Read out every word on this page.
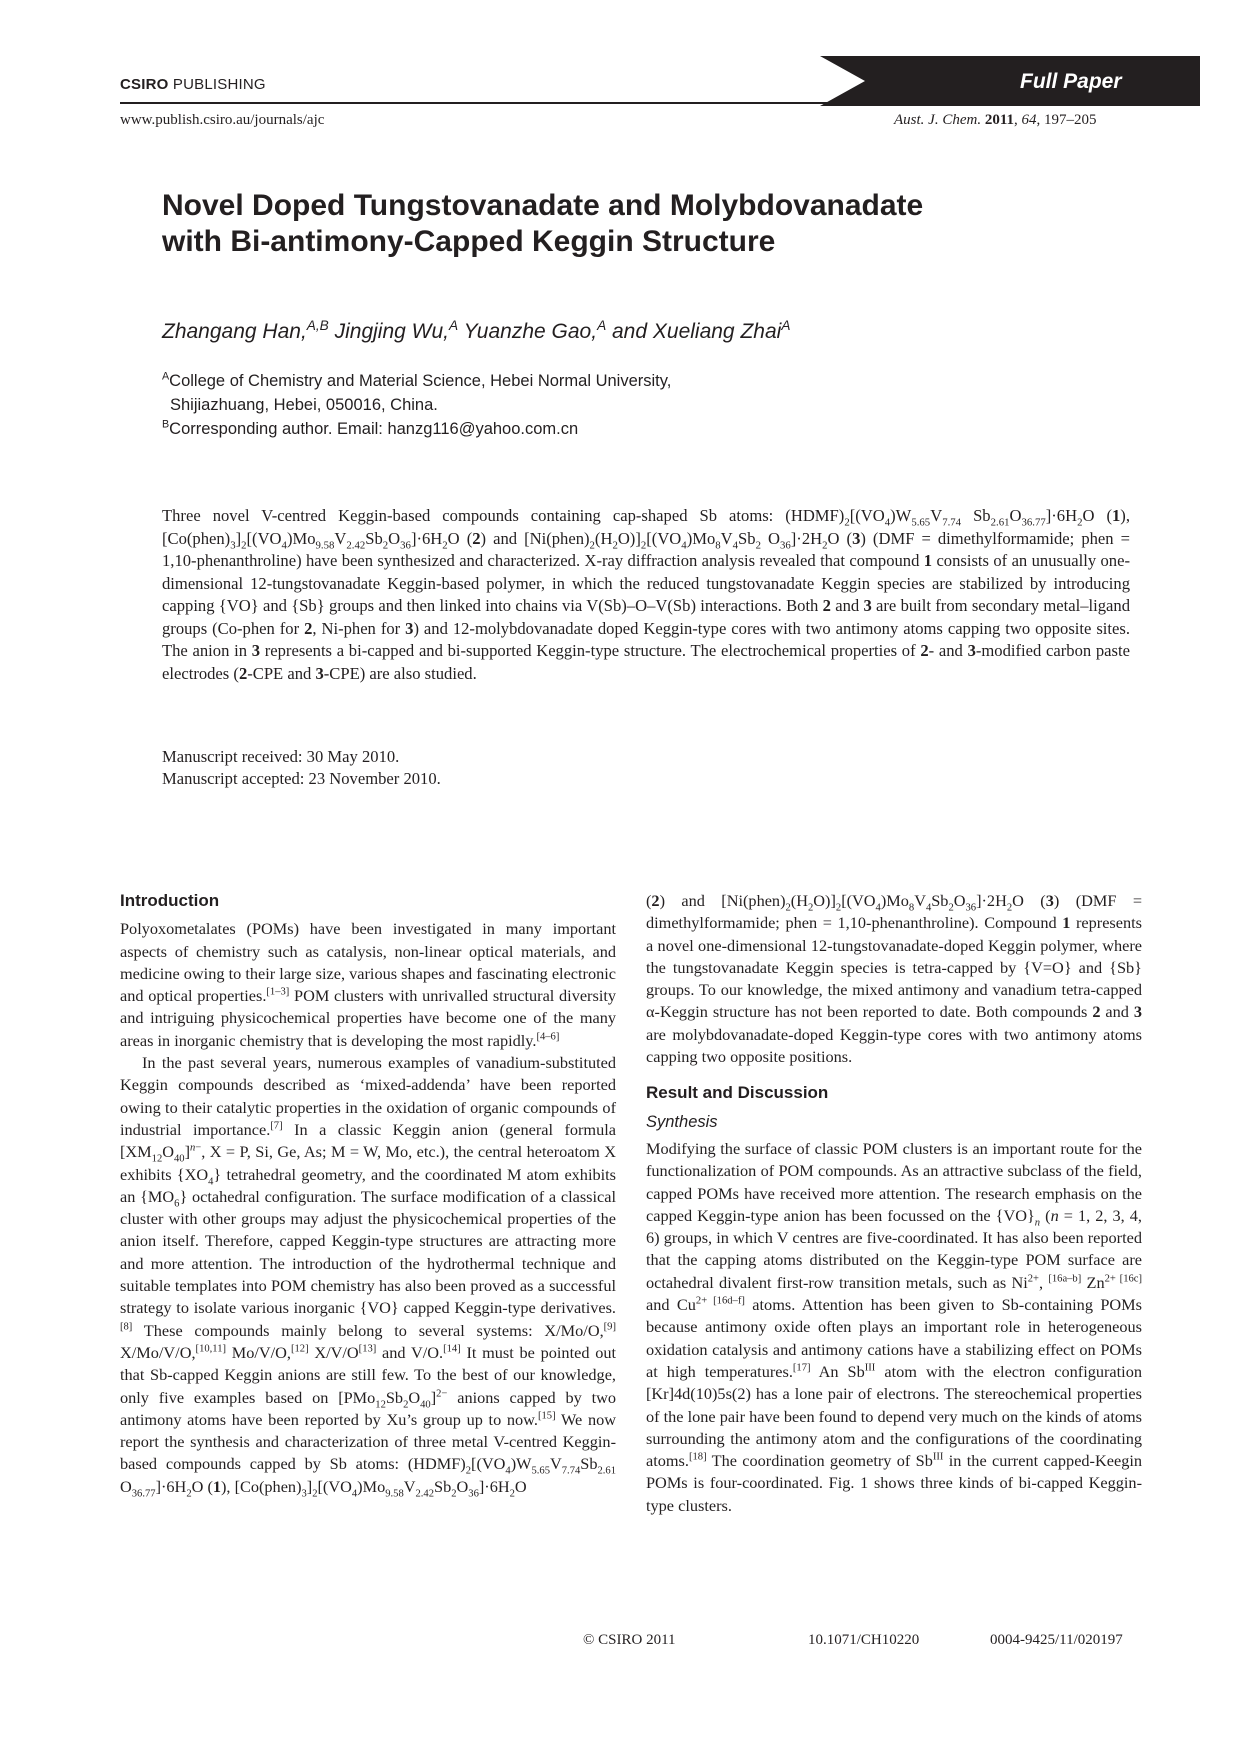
CSIRO PUBLISHING	Full Paper
www.publish.csiro.au/journals/ajc	Aust. J. Chem. 2011, 64, 197–205
Novel Doped Tungstovanadate and Molybdovanadate
with Bi-antimony-Capped Keggin Structure
Zhangang Han,$^{A,B}$ Jingjing Wu,$^A$ Yuanzhe Gao,$^A$ and Xueliang Zhai$^A$
$^A$College of Chemistry and Material Science, Hebei Normal University,
Shijiazhuang, Hebei, 050016, China.
$^B$Corresponding author. Email: hanzg116@yahoo.com.cn
Three novel V-centred Keggin-based compounds containing cap-shaped Sb atoms: $(HDMF)_2[(VO_4)W_{5.65}V_{7.74}$ $Sb_{2.61}O_{36.77}]\cdot 6H_2O$ (1), $[Co(phen)_3]_2[(VO_4)Mo_{9.58}V_{2.42}Sb_2O_{36}]\cdot 6H_2O$ (2) and $[Ni(phen)_2(H_2O)]_2[(VO_4)Mo_8V_4Sb_2$ $O_{36}]\cdot 2H_2O$ (3) (DMF = dimethylformamide; phen = 1,10-phenanthroline) have been synthesized and characterized. X-ray diffraction analysis revealed that compound 1 consists of an unusually one-dimensional 12-tungstovanadate Keggin-based polymer, in which the reduced tungstovanadate Keggin species are stabilized by introducing capping {VO} and {Sb} groups and then linked into chains via V(Sb)–O–V(Sb) interactions. Both 2 and 3 are built from secondary metal–ligand groups (Co-phen for 2, Ni-phen for 3) and 12-molybdovanadate doped Keggin-type cores with two antimony atoms capping two opposite sites. The anion in 3 represents a bi-capped and bi-supported Keggin-type structure. The electrochemical properties of 2- and 3-modified carbon paste electrodes (2-CPE and 3-CPE) are also studied.
Manuscript received: 30 May 2010.
Manuscript accepted: 23 November 2010.
Introduction

Polyoxometalates (POMs) have been investigated in many important aspects of chemistry such as catalysis, non-linear optical materials, and medicine owing to their large size, various shapes and fascinating electronic and optical properties.[1–3] POM clusters with unrivalled structural diversity and intriguing physicochemical properties have become one of the many areas in inorganic chemistry that is developing the most rapidly.[4–6]

In the past several years, numerous examples of vanadium-substituted Keggin compounds described as ‘mixed-addenda’ have been reported owing to their catalytic properties in the oxidation of organic compounds of industrial importance.[7] In a classic Keggin anion (general formula $[XM_{12}O_{40}]^{n-}$, X = P, Si, Ge, As; M = W, Mo, etc.), the central heteroatom X exhibits $\{XO_4\}$ tetrahedral geometry, and the coordinated M atom exhibits an $\{MO_6\}$ octahedral configuration. The surface modification of a classical cluster with other groups may adjust the physicochemical properties of the anion itself. Therefore, capped Keggin-type structures are attracting more and more attention. The introduction of the hydrothermal technique and suitable templates into POM chemistry has also been proved as a successful strategy to isolate various inorganic {VO} capped Keggin-type derivatives.[8] These compounds mainly belong to several systems: X/Mo/O,[9] X/Mo/V/O,[10,11] Mo/V/O,[12] X/V/O[13] and V/O.[14] It must be pointed out that Sb-capped Keggin anions are still few. To the best of our knowledge, only five examples based on $[PMo_{12}Sb_2O_{40}]^{2-}$ anions capped by two antimony atoms have been reported by Xu’s group up to now.[15] We now report the synthesis and characterization of three metal V-centred Keggin-based compounds capped by Sb atoms: $(HDMF)_2[(VO_4)W_{5.65}V_{7.74}Sb_{2.61}$ $O_{36.77}]\cdot 6H_2O$ (1), $[Co(phen)_3]_2[(VO_4)Mo_{9.58}V_{2.42}Sb_2O_{36}]\cdot 6H_2O$

(2) and $[Ni(phen)_2(H_2O)]_2[(VO_4)Mo_8V_4Sb_2O_{36}]\cdot 2H_2O$ (3) (DMF = dimethylformamide; phen = 1,10-phenanthroline). Compound 1 represents a novel one-dimensional 12-tungstovanadate-doped Keggin polymer, where the tungstovanadate Keggin species is tetra-capped by {V=O} and {Sb} groups. To our knowledge, the mixed antimony and vanadium tetra-capped α-Keggin structure has not been reported to date. Both compounds 2 and 3 are molybdovanadate-doped Keggin-type cores with two antimony atoms capping two opposite positions.

Result and Discussion
Synthesis

Modifying the surface of classic POM clusters is an important route for the functionalization of POM compounds. As an attractive subclass of the field, capped POMs have received more attention. The research emphasis on the capped Keggin-type anion has been focussed on the $\{VO\}_n$ (n = 1, 2, 3, 4, 6) groups, in which V centres are five-coordinated. It has also been reported that the capping atoms distributed on the Keggin-type POM surface are octahedral divalent first-row transition metals, such as $Ni^{2+}$, [16a–b] $Zn^{2+ [16c]}$ and $Cu^{2+ [16d-f]}$ atoms. Attention has been given to Sb-containing POMs because antimony oxide often plays an important role in heterogeneous oxidation catalysis and antimony cations have a stabilizing effect on POMs at high temperatures.[17] An $Sb^{III}$ atom with the electron configuration [Kr]4d(10)5s(2) has a lone pair of electrons. The stereochemical properties of the lone pair have been found to depend very much on the kinds of atoms surrounding the antimony atom and the configurations of the coordinating atoms.[18] The coordination geometry of $Sb^{III}$ in the current capped-Keegin POMs is four-coordinated. Fig. 1 shows three kinds of bi-capped Keggin-type clusters.

© CSIRO 2011	10.1071/CH10220	0004-9425/11/020197
